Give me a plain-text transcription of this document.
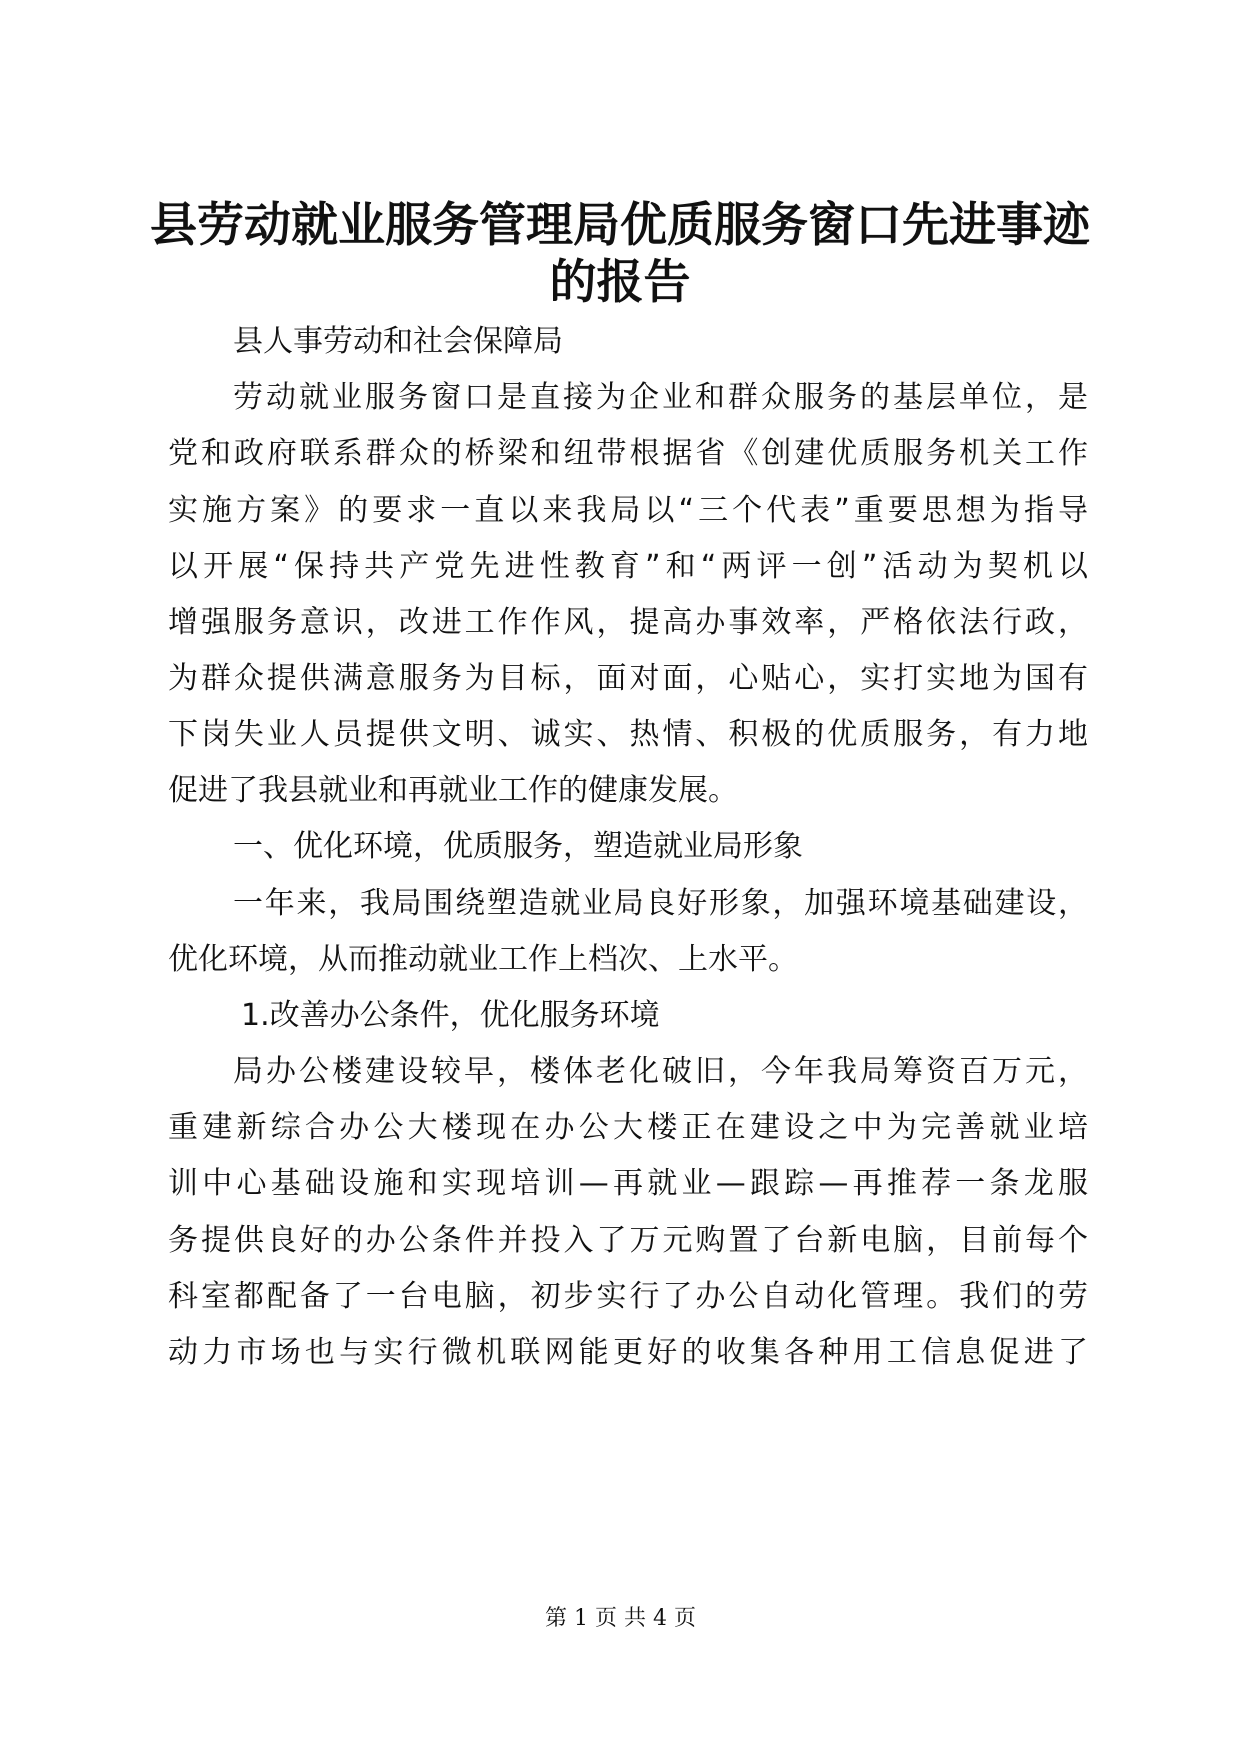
县劳动就业服务管理局优质服务窗口先进事迹
的报告

县人事劳动和社会保障局

劳动就业服务窗口是直接为企业和群众服务的基层单位，是

党和政府联系群众的桥梁和纽带根据省《创建优质服务机关工作

实施方案》的要求一直以来我局以“三个代表”重要思想为指导

以开展“保持共产党先进性教育”和“两评一创”活动为契机以

增强服务意识，改进工作作风，提高办事效率，严格依法行政，

为群众提供满意服务为目标，面对面，心贴心，实打实地为国有

下岗失业人员提供文明、诚实、热情、积极的优质服务，有力地

促进了我县就业和再就业工作的健康发展。

一、优化环境，优质服务，塑造就业局形象

一年来，我局围绕塑造就业局良好形象，加强环境基础建设，

优化环境，从而推动就业工作上档次、上水平。

1.改善办公条件，优化服务环境

局办公楼建设较早，楼体老化破旧，今年我局筹资百万元，

重建新综合办公大楼现在办公大楼正在建设之中为完善就业培

训中心基础设施和实现培训—再就业—跟踪—再推荐一条龙服

务提供良好的办公条件并投入了万元购置了台新电脑，目前每个

科室都配备了一台电脑，初步实行了办公自动化管理。我们的劳

动力市场也与实行微机联网能更好的收集各种用工信息促进了

第 1 页 共 4 页
